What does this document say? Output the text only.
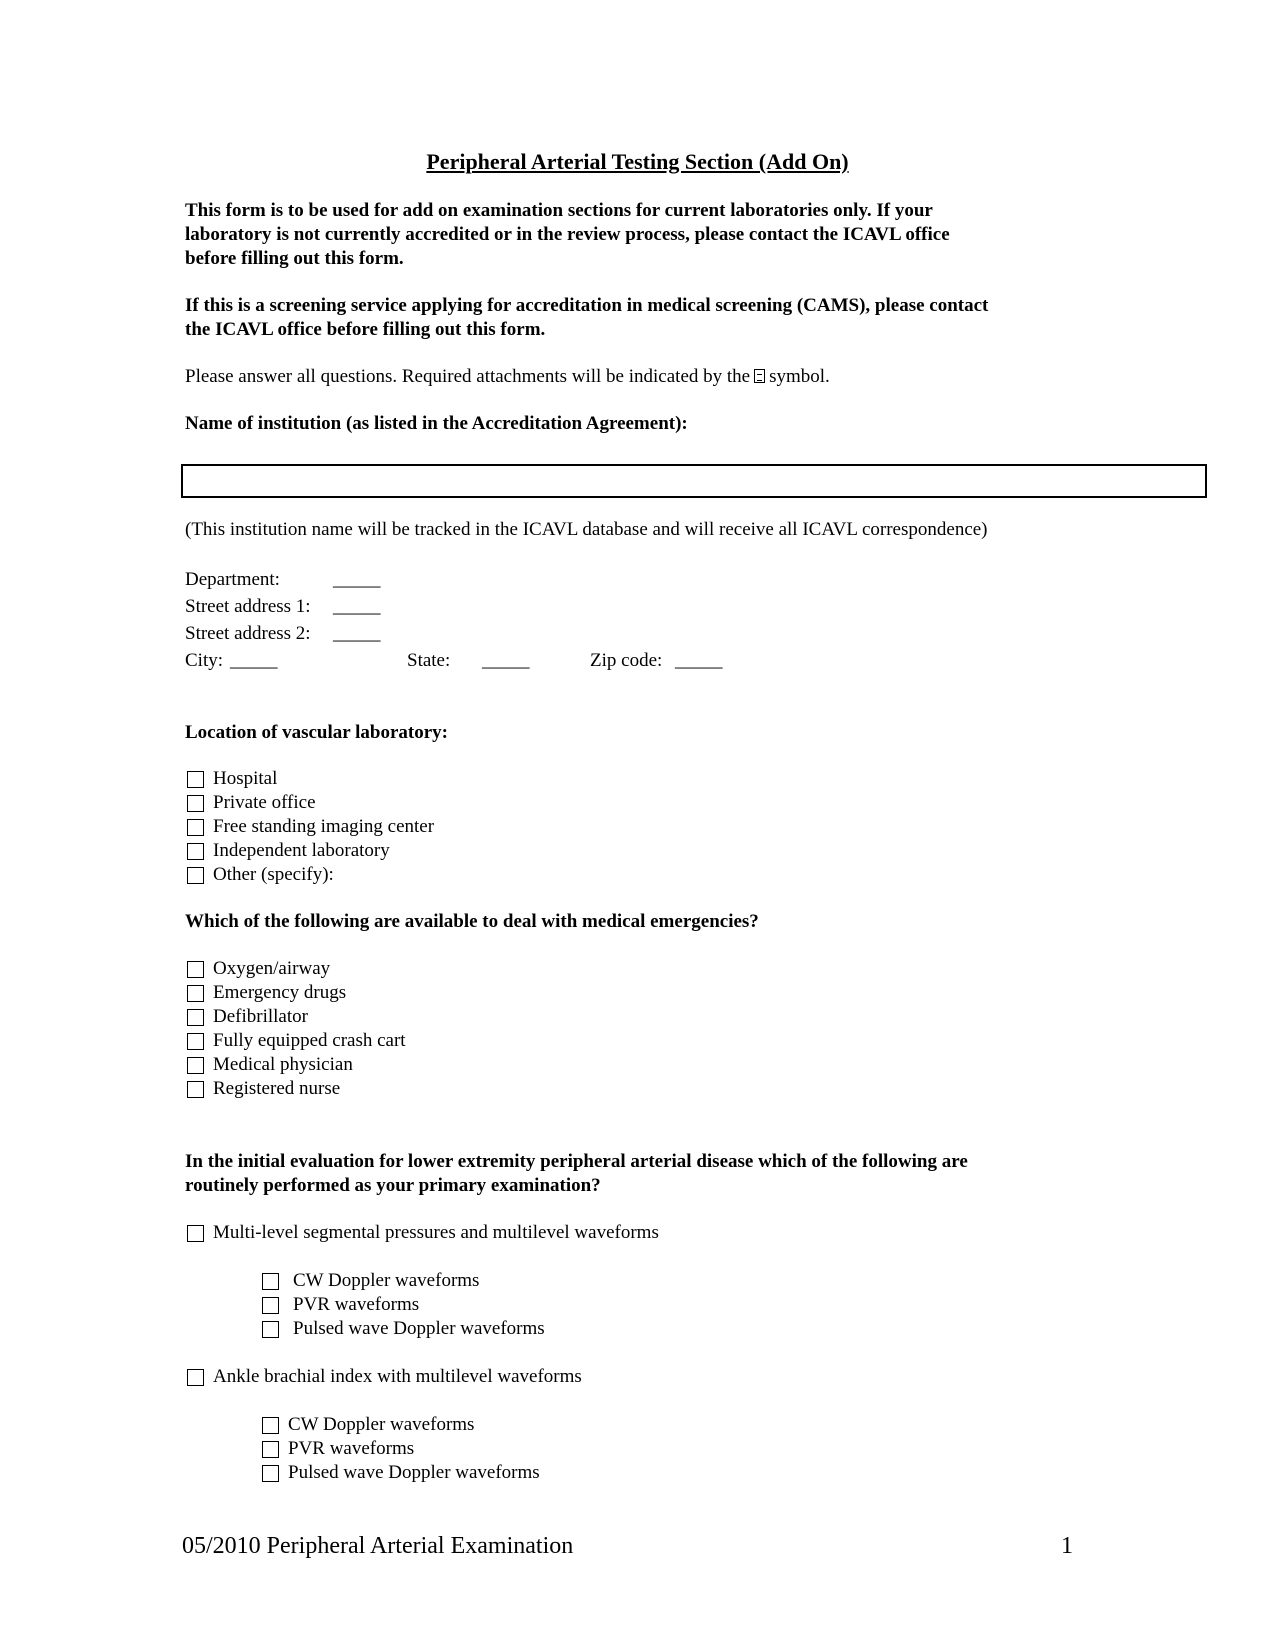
Peripheral Arterial Testing Section (Add On)
This form is to be used for add on examination sections for current laboratories only. If your
laboratory is not currently accredited or in the review process, please contact the ICAVL office
before filling out this form.
If this is a screening service applying for accreditation in medical screening (CAMS), please contact
the ICAVL office before filling out this form.
Please answer all questions. Required attachments will be indicated by the symbol.
Name of institution (as listed in the Accreditation Agreement):
(This institution name will be tracked in the ICAVL database and will receive all ICAVL correspondence)
Department:	_____
Street address 1: _____
Street address 2: _____
City: _____	State: _____	Zip code: _____
Location of vascular laboratory:
Hospital
Private office
Free standing imaging center
Independent laboratory
Other (specify):
Which of the following are available to deal with medical emergencies?
Oxygen/airway
Emergency drugs
Defibrillator
Fully equipped crash cart
Medical physician
Registered nurse
In the initial evaluation for lower extremity peripheral arterial disease which of the following are
routinely performed as your primary examination?
Multi-level segmental pressures and multilevel waveforms
CW Doppler waveforms
PVR waveforms
Pulsed wave Doppler waveforms
Ankle brachial index with multilevel waveforms
CW Doppler waveforms
PVR waveforms
Pulsed wave Doppler waveforms
05/2010 Peripheral Arterial Examination	1
